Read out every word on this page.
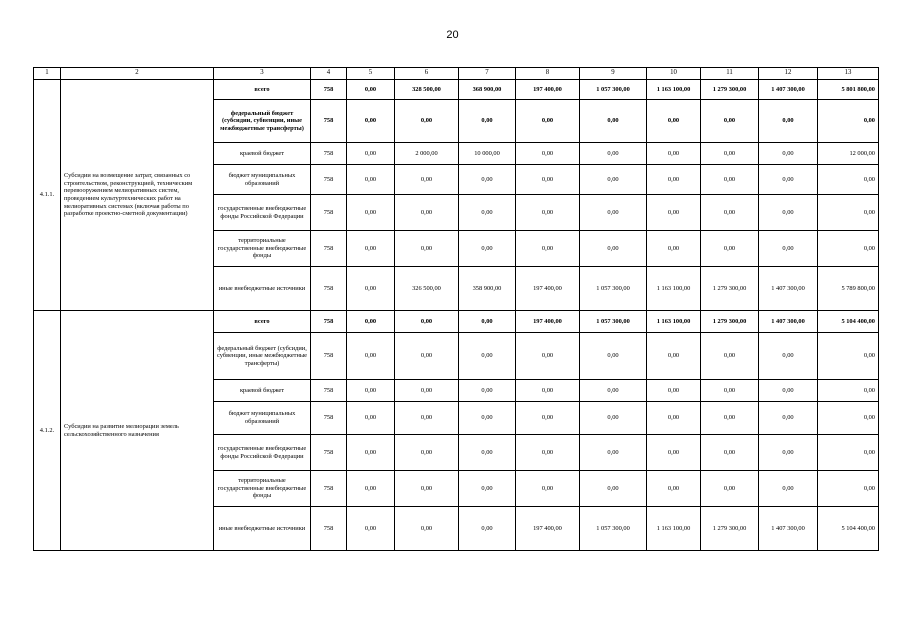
20
1	2	3	4	5	6	7	8	9	10	11	12	13
4.1.1.	Субсидии на возмещение затрат, связанных со строительством, реконструкцией, техническим перевооружением мелиоративных систем, проведением культуртехнических работ на мелиоративных системах (включая работы по разработке проектно-сметной документации)	всего	758	0,00	328 500,00	368 900,00	197 400,00	1 057 300,00	1 163 100,00	1 279 300,00	1 407 300,00	5 801 800,00
		федеральный бюджет (субсидии, субвенции, иные межбюджетные трансферты)	758	0,00	0,00	0,00	0,00	0,00	0,00	0,00	0,00	0,00
		краевой бюджет	758	0,00	2 000,00	10 000,00	0,00	0,00	0,00	0,00	0,00	12 000,00
		бюджет муниципальных образований	758	0,00	0,00	0,00	0,00	0,00	0,00	0,00	0,00	0,00
		государственные внебюджетные фонды Российской Федерации	758	0,00	0,00	0,00	0,00	0,00	0,00	0,00	0,00	0,00
		территориальные государственные внебюджетные фонды	758	0,00	0,00	0,00	0,00	0,00	0,00	0,00	0,00	0,00
		иные внебюджетные источники	758	0,00	326 500,00	358 900,00	197 400,00	1 057 300,00	1 163 100,00	1 279 300,00	1 407 300,00	5 789 800,00
4.1.2.	Субсидии на развитие мелиорации земель сельскохозяйственного назначения	всего	758	0,00	0,00	0,00	197 400,00	1 057 300,00	1 163 100,00	1 279 300,00	1 407 300,00	5 104 400,00
		федеральный бюджет (субсидии, субвенции, иные межбюджетные трансферты)	758	0,00	0,00	0,00	0,00	0,00	0,00	0,00	0,00	0,00
		краевой бюджет	758	0,00	0,00	0,00	0,00	0,00	0,00	0,00	0,00	0,00
		бюджет муниципальных образований	758	0,00	0,00	0,00	0,00	0,00	0,00	0,00	0,00	0,00
		государственные внебюджетные фонды Российской Федерации	758	0,00	0,00	0,00	0,00	0,00	0,00	0,00	0,00	0,00
		территориальные государственные внебюджетные фонды	758	0,00	0,00	0,00	0,00	0,00	0,00	0,00	0,00	0,00
		иные внебюджетные источники	758	0,00	0,00	0,00	197 400,00	1 057 300,00	1 163 100,00	1 279 300,00	1 407 300,00	5 104 400,00
